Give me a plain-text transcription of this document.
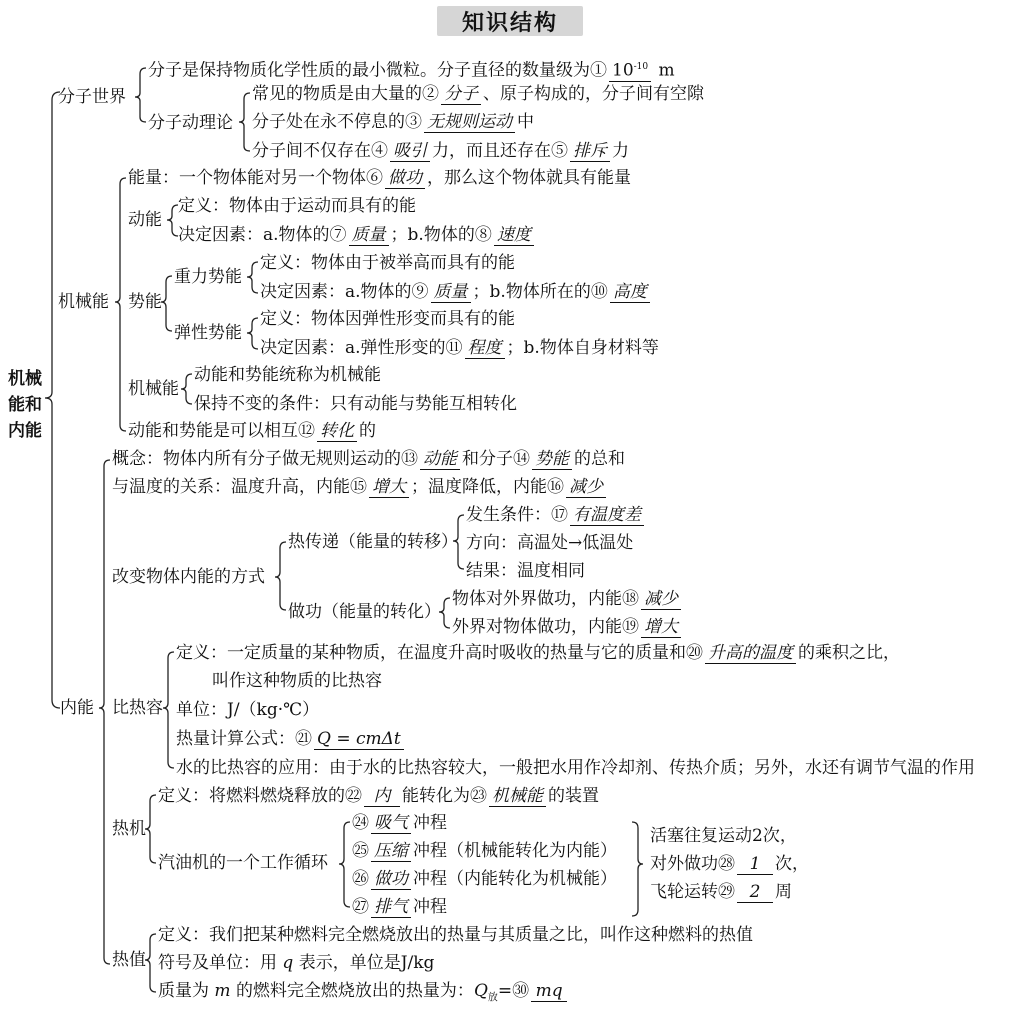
知识结构
机械
能和
内能
分子世界
分子是保持物质化学性质的最小微粒。分子直径的数量级为① $10^{-10}$ m
分子动理论
常见的物质是由大量的② 分子 、原子构成的，分子间有空隙
分子处在永不停息的③ 无规则运动 中
分子间不仅存在④ 吸引 力，而且还存在⑤ 排斥 力
机械能
能量：一个物体能对另一个物体⑥ 做功 ，那么这个物体就具有能量
动能
定义：物体由于运动而具有的能
决定因素：a.物体的⑦ 质量 ；b.物体的⑧ 速度
势能
重力势能
定义：物体由于被举高而具有的能
决定因素：a.物体的⑨ 质量 ；b.物体所在的⑩ 高度
弹性势能
定义：物体因弹性形变而具有的能
决定因素：a.弹性形变的⑪ 程度 ；b.物体自身材料等
机械能
动能和势能统称为机械能
保持不变的条件：只有动能与势能互相转化
动能和势能是可以相互⑫ 转化 的
内能
概念：物体内所有分子做无规则运动的⑬ 动能 和分子⑭ 势能 的总和
与温度的关系：温度升高，内能⑮ 增大 ；温度降低，内能⑯ 减少
改变物体内能的方式
热传递（能量的转移）
发生条件：⑰ 有温度差
方向：高温处→低温处
结果：温度相同
做功（能量的转化）
物体对外界做功，内能⑱ 减少
外界对物体做功，内能⑲ 增大
比热容
定义：一定质量的某种物质，在温度升高时吸收的热量与它的质量和⑳ 升高的温度 的乘积之比，
叫作这种物质的比热容
单位：J/（kg·℃）
热量计算公式：㉑ Q = cmΔt
水的比热容的应用：由于水的比热容较大，一般把水用作冷却剂、传热介质；另外，水还有调节气温的作用
热机
定义：将燃料燃烧释放的㉒ 内 能转化为㉓ 机械能 的装置
汽油机的一个工作循环
㉔ 吸气 冲程
㉕ 压缩 冲程（机械能转化为内能）
㉖ 做功 冲程（内能转化为机械能）
㉗ 排气 冲程
活塞往复运动2次，
对外做功㉘ 1 次，
飞轮运转㉙ 2 周
热值
定义：我们把某种燃料完全燃烧放出的热量与其质量之比，叫作这种燃料的热值
符号及单位：用 q 表示，单位是J/kg
质量为 m 的燃料完全燃烧放出的热量为：$Q_放=㉚$ mq
